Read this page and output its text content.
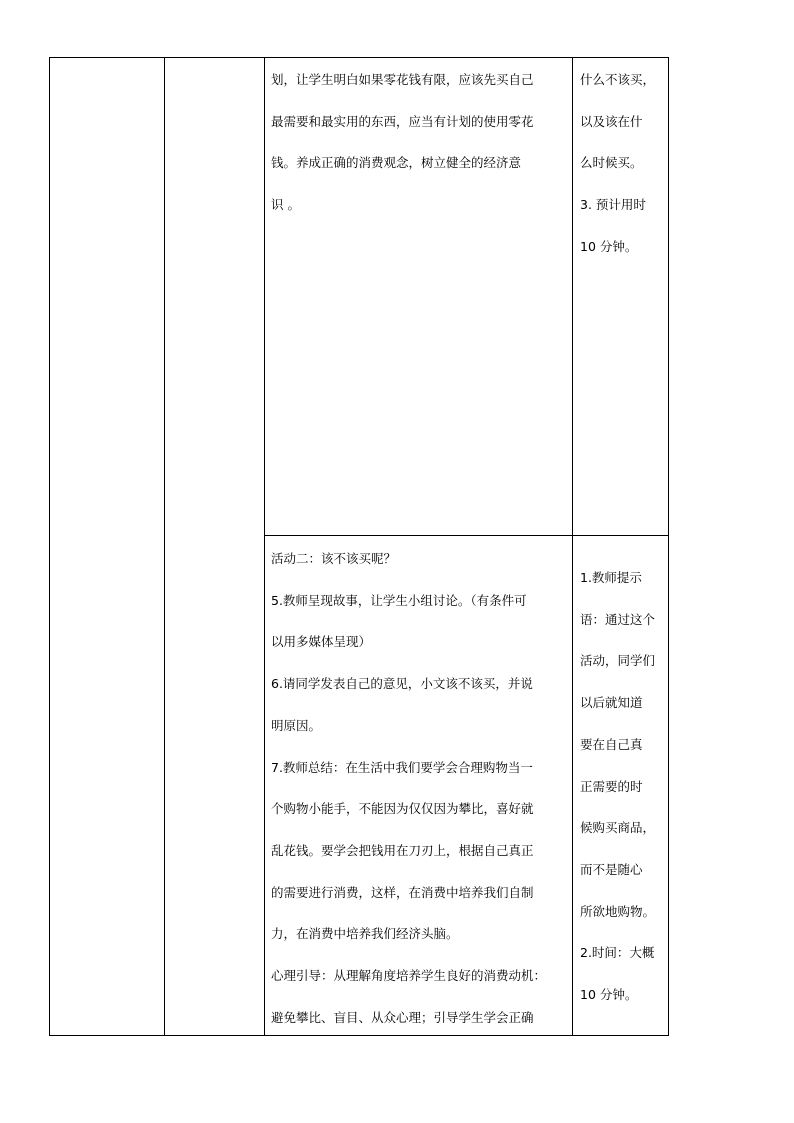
划，让学生明白如果零花钱有限，应该先买自己
最需要和最实用的东西，应当有计划的使用零花
钱。养成正确的消费观念，树立健全的经济意
识 。
什么不该买，
以及该在什
么时候买。
3. 预计用时
10 分钟。
活动二：该不该买呢？
5.教师呈现故事，让学生小组讨论。（有条件可
以用多媒体呈现）
6.请同学发表自己的意见，小文该不该买，并说
明原因。
7.教师总结：在生活中我们要学会合理购物当一
个购物小能手，不能因为仅仅因为攀比，喜好就
乱花钱。要学会把钱用在刀刃上，根据自己真正
的需要进行消费，这样，在消费中培养我们自制
力，在消费中培养我们经济头脑。
心理引导：从理解角度培养学生良好的消费动机：
避免攀比、盲目、从众心理；引导学生学会正确
1.教师提示
语：通过这个
活动，同学们
以后就知道
要在自己真
正需要的时
候购买商品，
而不是随心
所欲地购物。
2.时间：大概
10 分钟。
